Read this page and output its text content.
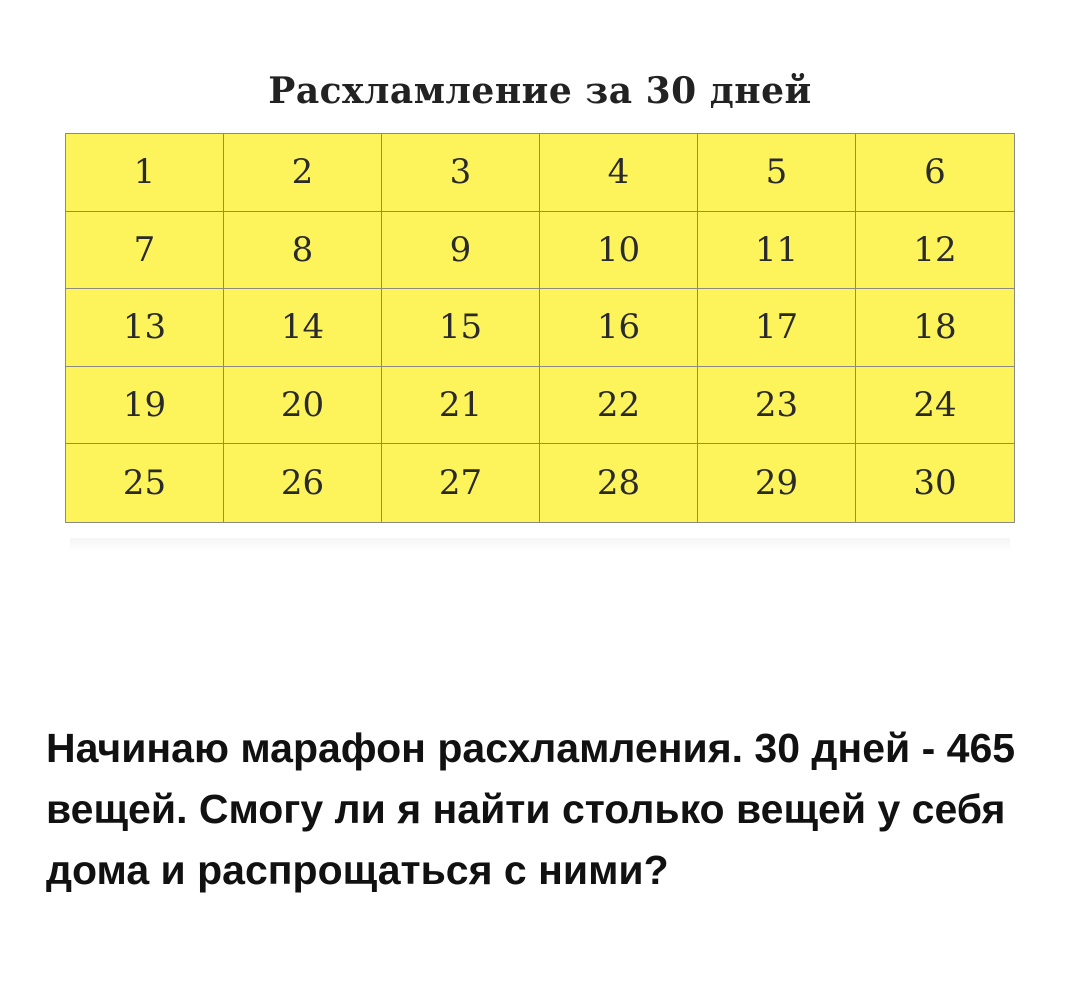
Расхламление за 30 дней
1	2	3	4	5	6
7	8	9	10	11	12
13	14	15	16	17	18
19	20	21	22	23	24
25	26	27	28	29	30

Начинаю марафон расхламления. 30 дней - 465 вещей. Смогу ли я найти столько вещей у себя дома и распрощаться с ними?
